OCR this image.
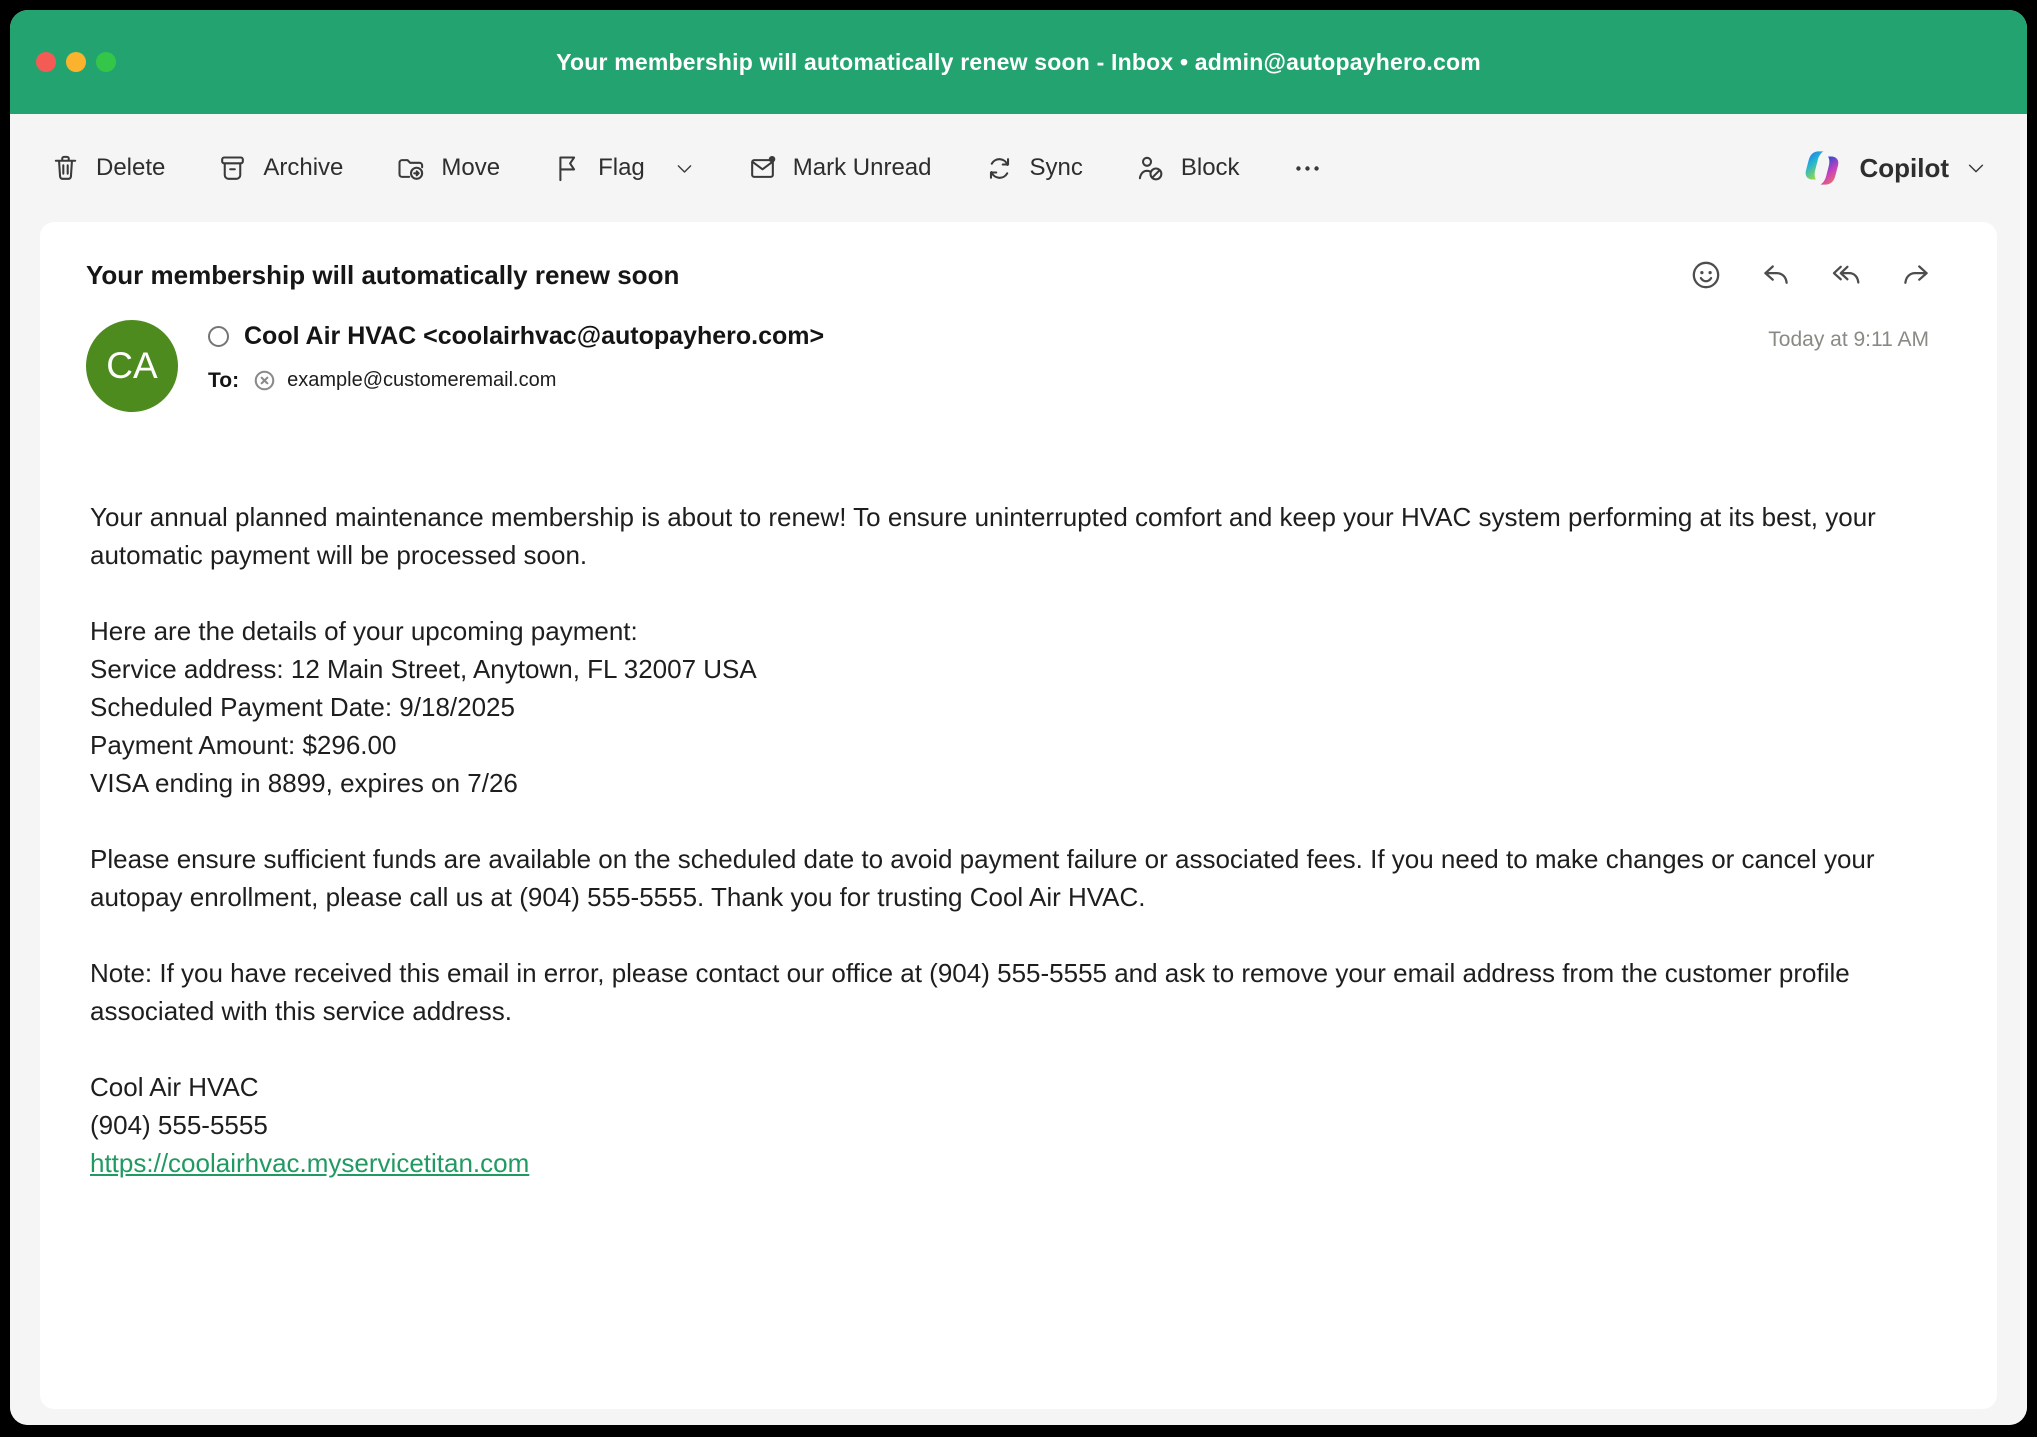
Your membership will automatically renew soon - Inbox • admin@autopayhero.com
Delete	Archive	Move	Flag	Mark Unread	Sync	Block	Copilot
Your membership will automatically renew soon
CA
Cool Air HVAC <coolairhvac@autopayhero.com>
To: example@customeremail.com
Today at 9:11 AM

Your annual planned maintenance membership is about to renew! To ensure uninterrupted comfort and keep your HVAC system performing at its best, your automatic payment will be processed soon.

Here are the details of your upcoming payment:
Service address: 12 Main Street, Anytown, FL 32007 USA
Scheduled Payment Date: 9/18/2025
Payment Amount: $296.00
VISA ending in 8899, expires on 7/26

Please ensure sufficient funds are available on the scheduled date to avoid payment failure or associated fees. If you need to make changes or cancel your autopay enrollment, please call us at (904) 555-5555. Thank you for trusting Cool Air HVAC.

Note: If you have received this email in error, please contact our office at (904) 555-5555 and ask to remove your email address from the customer profile associated with this service address.

Cool Air HVAC
(904) 555-5555
https://coolairhvac.myservicetitan.com
